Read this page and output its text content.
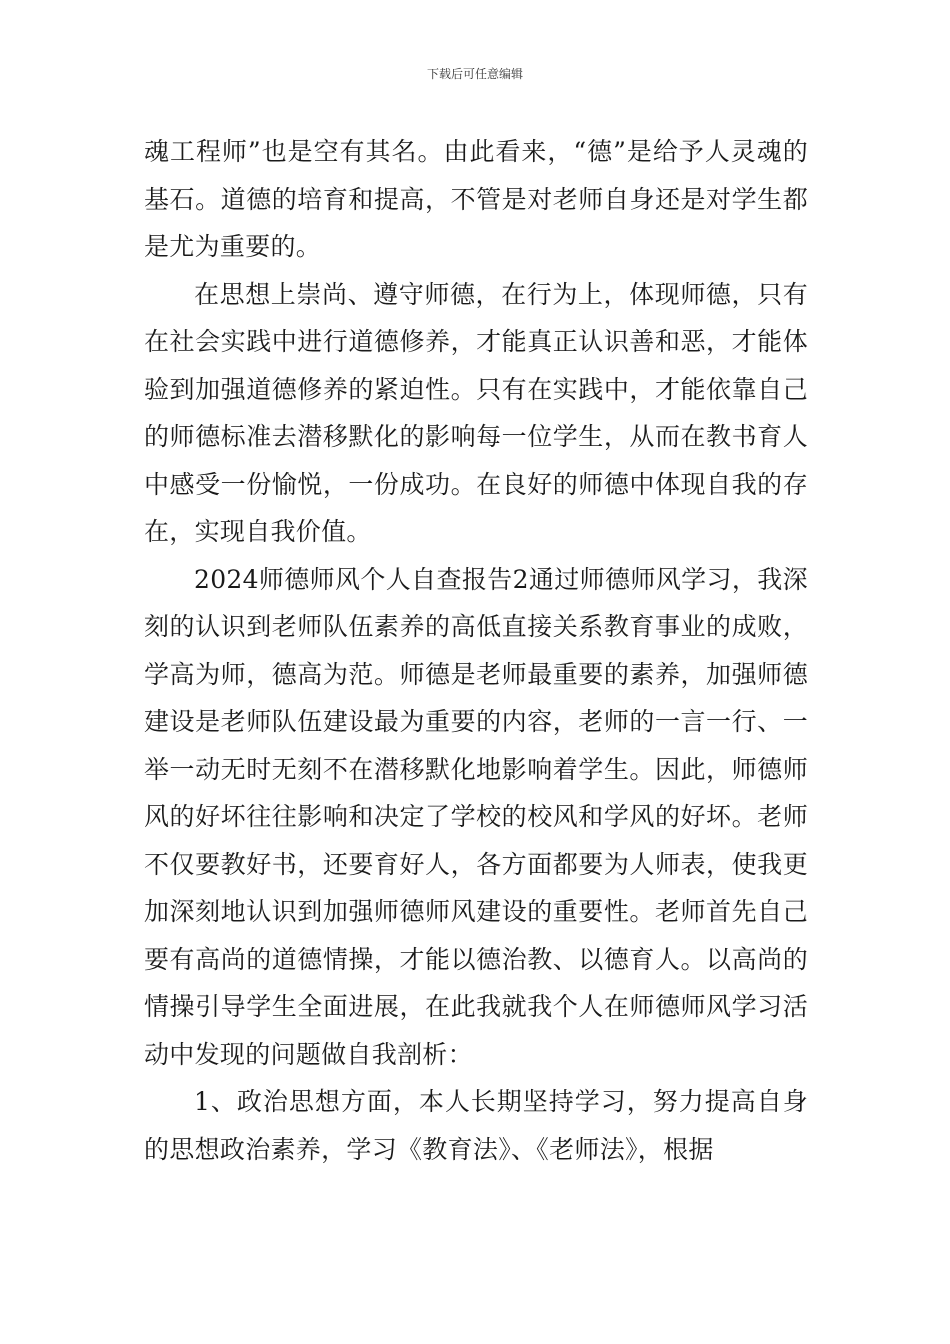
下载后可任意编辑

魂工程师”也是空有其名。由此看来，“德”是给予人灵魂的基石。道德的培育和提高，不管是对老师自身还是对学生都是尤为重要的。

在思想上崇尚、遵守师德，在行为上，体现师德，只有在社会实践中进行道德修养，才能真正认识善和恶，才能体验到加强道德修养的紧迫性。只有在实践中，才能依靠自己的师德标准去潜移默化的影响每一位学生，从而在教书育人中感受一份愉悦，一份成功。在良好的师德中体现自我的存在，实现自我价值。

2024师德师风个人自查报告2通过师德师风学习，我深刻的认识到老师队伍素养的高低直接关系教育事业的成败，学高为师，德高为范。师德是老师最重要的素养，加强师德建设是老师队伍建设最为重要的内容，老师的一言一行、一举一动无时无刻不在潜移默化地影响着学生。因此，师德师风的好坏往往影响和决定了学校的校风和学风的好坏。老师不仅要教好书，还要育好人，各方面都要为人师表，使我更加深刻地认识到加强师德师风建设的重要性。老师首先自己要有高尚的道德情操，才能以德治教、以德育人。以高尚的情操引导学生全面进展，在此我就我个人在师德师风学习活动中发现的问题做自我剖析：

1、政治思想方面，本人长期坚持学习，努力提高自身的思想政治素养，学习《教育法》、《老师法》，根据
